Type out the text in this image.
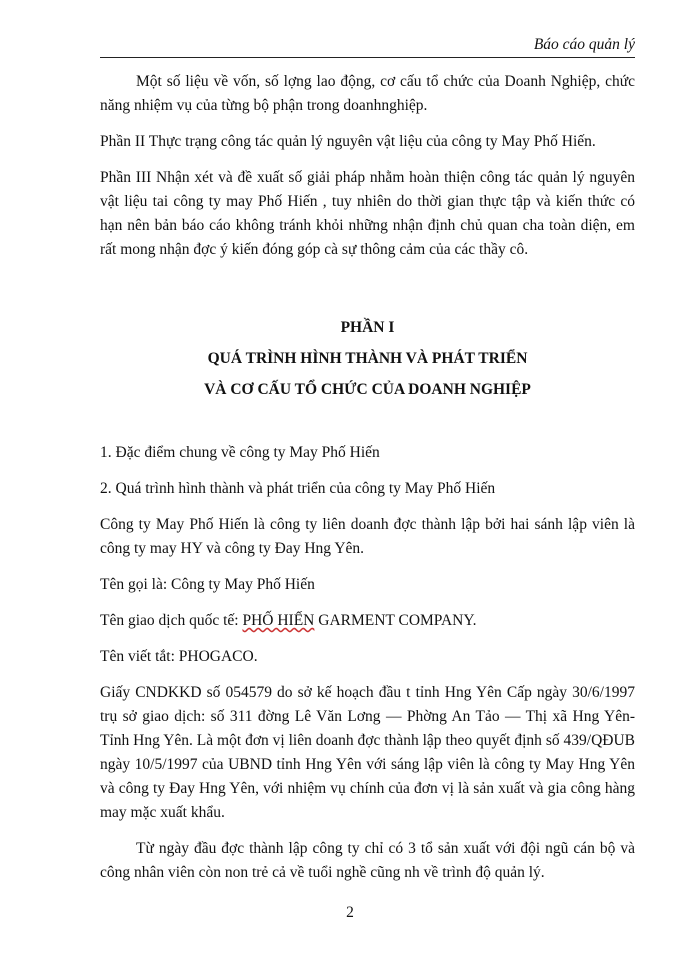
Báo cáo quản lý

Một số liệu về vốn, số lợng lao động, cơ cấu tổ chức của Doanh Nghiệp, chức năng nhiệm vụ của từng bộ phận trong doanhnghiệp.

Phần II Thực trạng công tác quản lý nguyên vật liệu của công ty May Phố Hiến.

Phần III Nhận xét và đề xuất số giải pháp nhằm hoàn thiện công tác quản lý nguyên vật liệu tai công ty may Phố Hiến , tuy nhiên do thời gian thực tập và kiến thức có hạn nên bản báo cáo không tránh khỏi những nhận định chủ quan cha toàn diện, em rất mong nhận đợc ý kiến đóng góp cà sự thông cảm của các thầy cô.

PHẦN I
QUÁ TRÌNH HÌNH THÀNH VÀ PHÁT TRIỂN
VÀ CƠ CẤU TỔ CHỨC CỦA DOANH NGHIỆP

1. Đặc điểm chung về công ty May Phố Hiến

2. Quá trình hình thành và phát triển của công ty May Phố Hiến

Công ty May Phố Hiến là công ty liên doanh đợc thành lập bởi hai sánh lập viên là công ty may HY và công ty Đay Hng Yên.

Tên gọi là: Công ty May Phố Hiến

Tên giao dịch quốc tế: PHỐ HIẾN GARMENT COMPANY.

Tên viết tắt: PHOGACO.

Giấy CNDKKD số 054579 do sở kế hoạch đầu t tỉnh Hng Yên Cấp ngày 30/6/1997 trụ sở giao dịch: số 311 đờng Lê Văn Lơng — Phờng An Tảo — Thị xã Hng Yên- Tỉnh Hng Yên. Là một đơn vị liên doanh đợc thành lập theo quyết định số 439/QĐUB ngày 10/5/1997 của UBND tỉnh Hng Yên với sáng lập viên là công ty May Hng Yên và công ty Đay Hng Yên, với nhiệm vụ chính của đơn vị là sản xuất và gia công hàng may mặc xuất khẩu.

Từ ngày đầu đợc thành lập công ty chỉ có 3 tổ sản xuất với đội ngũ cán bộ và công nhân viên còn non trẻ cả về tuổi nghề cũng nh về trình độ quản lý.

2
